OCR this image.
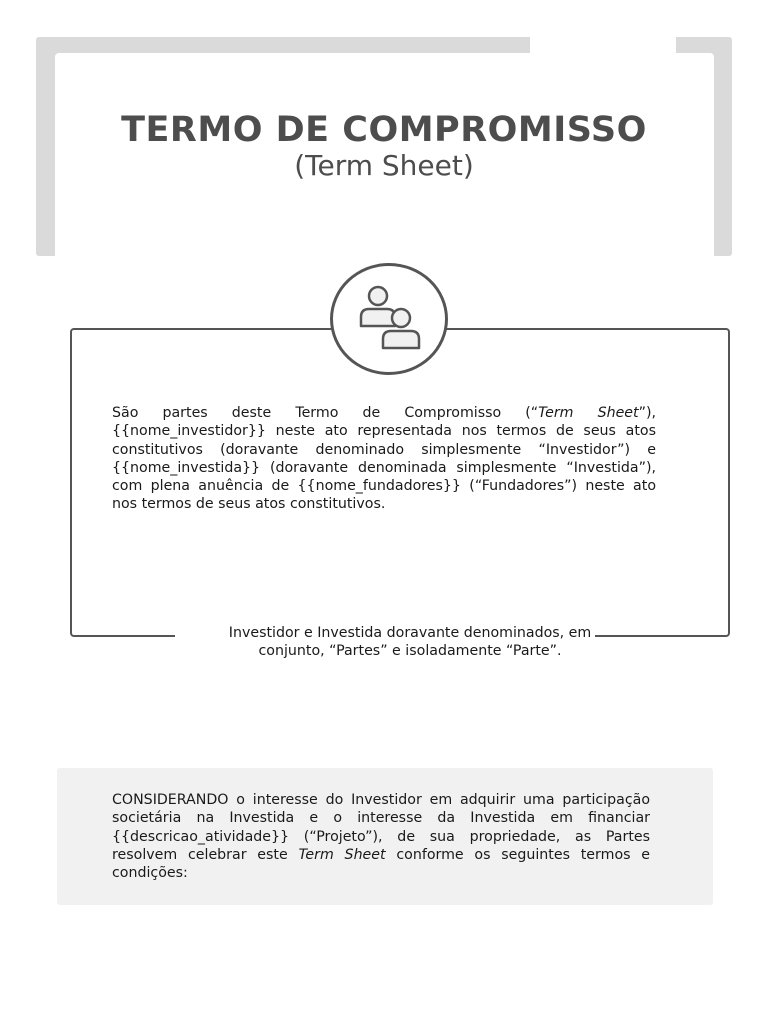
TERMO DE COMPROMISSO
(Term Sheet)
São partes deste Termo de Compromisso (“Term Sheet”), {{nome_investidor}} neste ato representada nos termos de seus atos constitutivos (doravante denominado simplesmente “Investidor”) e {{nome_investida}} (doravante denominada simplesmente “Investida”), com plena anuência de {{nome_fundadores}} (“Fundadores”) neste ato nos termos de seus atos constitutivos.
Investidor e Investida doravante denominados, em conjunto, “Partes” e isoladamente “Parte”.
CONSIDERANDO o interesse do Investidor em adquirir uma participação societária na Investida e o interesse da Investida em financiar {{descricao_atividade}} (“Projeto”), de sua propriedade, as Partes resolvem celebrar este Term Sheet conforme os seguintes termos e condições:
